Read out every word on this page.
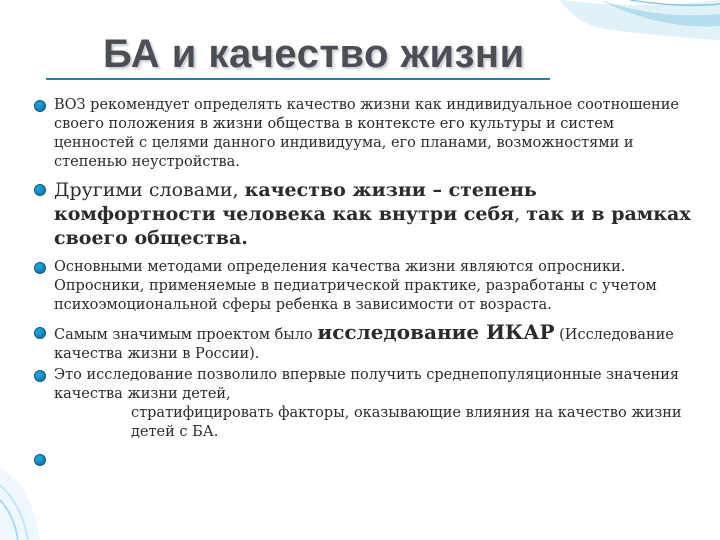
БА и качество жизни
ВОЗ рекомендует определять качество жизни как индивидуальное соотношение своего положения в жизни общества в контексте его культуры и систем ценностей с целями данного индивидуума, его планами, возможностями и степенью неустройства.
Другими словами, качество жизни – степень комфортности человека как внутри себя, так и в рамках своего общества.
Основными методами определения качества жизни являются опросники. Опросники, применяемые в педиатрической практике, разработаны с учетом психоэмоциональной сферы ребенка в зависимости от возраста.
Самым значимым проектом было исследование ИКАР (Исследование качества жизни в России).
Это исследование позволило впервые получить среднепопуляционные значения качества жизни детей,
стратифицировать факторы, оказывающие влияния на качество жизни детей с БА.
